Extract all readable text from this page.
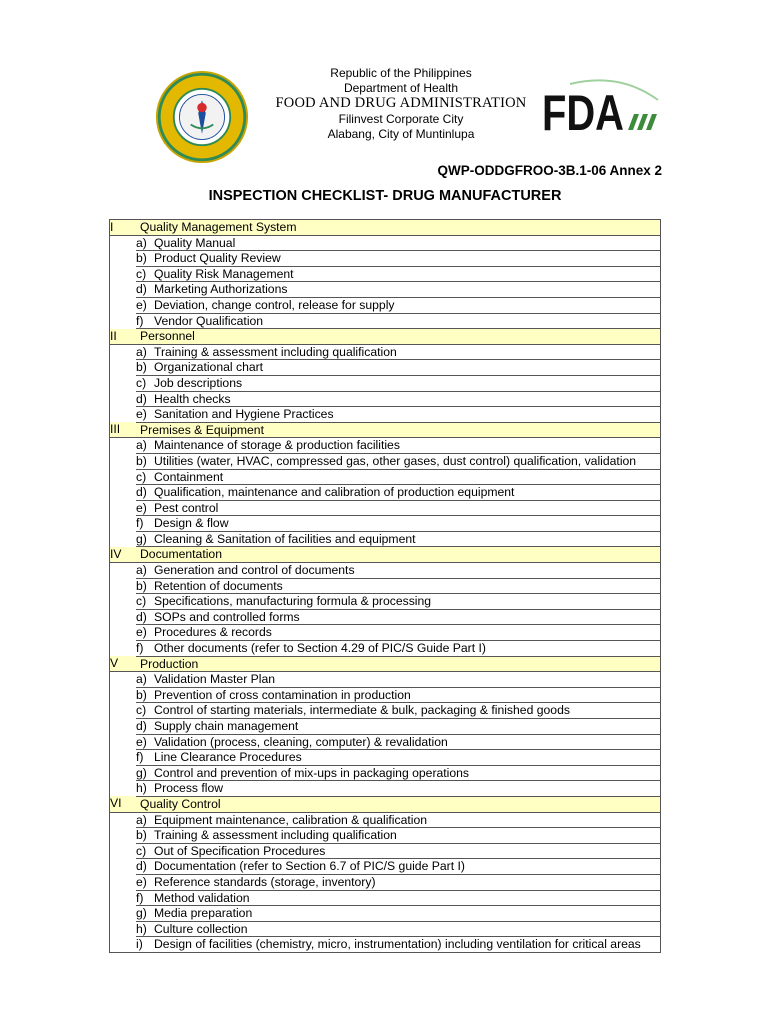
FDA
Republic of the Philippines
Department of Health
FOOD AND DRUG ADMINISTRATION
Filinvest Corporate City
Alabang, City of Muntinlupa
QWP-ODDGFROO-3B.1-06 Annex 2
INSPECTION CHECKLIST- DRUG MANUFACTURER
I	Quality Management System	
	a)	Quality Manual
	b)	Product Quality Review
	c)	Quality Risk Management
	d)	Marketing Authorizations
	e)	Deviation, change control, release for supply
	f)	Vendor Qualification
II	Personnel	
	a)	Training & assessment including qualification
	b)	Organizational chart
	c)	Job descriptions
	d)	Health checks
	e)	Sanitation and Hygiene Practices
III	Premises & Equipment	
	a)	Maintenance of storage & production facilities
	b)	Utilities (water, HVAC, compressed gas, other gases, dust control) qualification, validation
	c)	Containment
	d)	Qualification, maintenance and calibration of production equipment
	e)	Pest control
	f)	Design & flow
	g)	Cleaning & Sanitation of facilities and equipment
IV	Documentation	
	a)	Generation and control of documents
	b)	Retention of documents
	c)	Specifications, manufacturing formula & processing
	d)	SOPs and controlled forms
	e)	Procedures & records
	f)	Other documents (refer to Section 4.29 of PIC/S Guide Part I)
V	Production	
	a)	Validation Master Plan
	b)	Prevention of cross contamination in production
	c)	Control of starting materials, intermediate & bulk, packaging & finished goods
	d)	Supply chain management
	e)	Validation (process, cleaning, computer) & revalidation
	f)	Line Clearance Procedures
	g)	Control and prevention of mix-ups in packaging operations
	h)	Process flow
VI	Quality Control	
	a)	Equipment maintenance, calibration & qualification
	b)	Training & assessment including qualification
	c)	Out of Specification Procedures
	d)	Documentation (refer to Section 6.7 of PIC/S guide Part I)
	e)	Reference standards (storage, inventory)
	f)	Method validation
	g)	Media preparation
	h)	Culture collection
	i)	Design of facilities (chemistry, micro, instrumentation) including ventilation for critical areas
